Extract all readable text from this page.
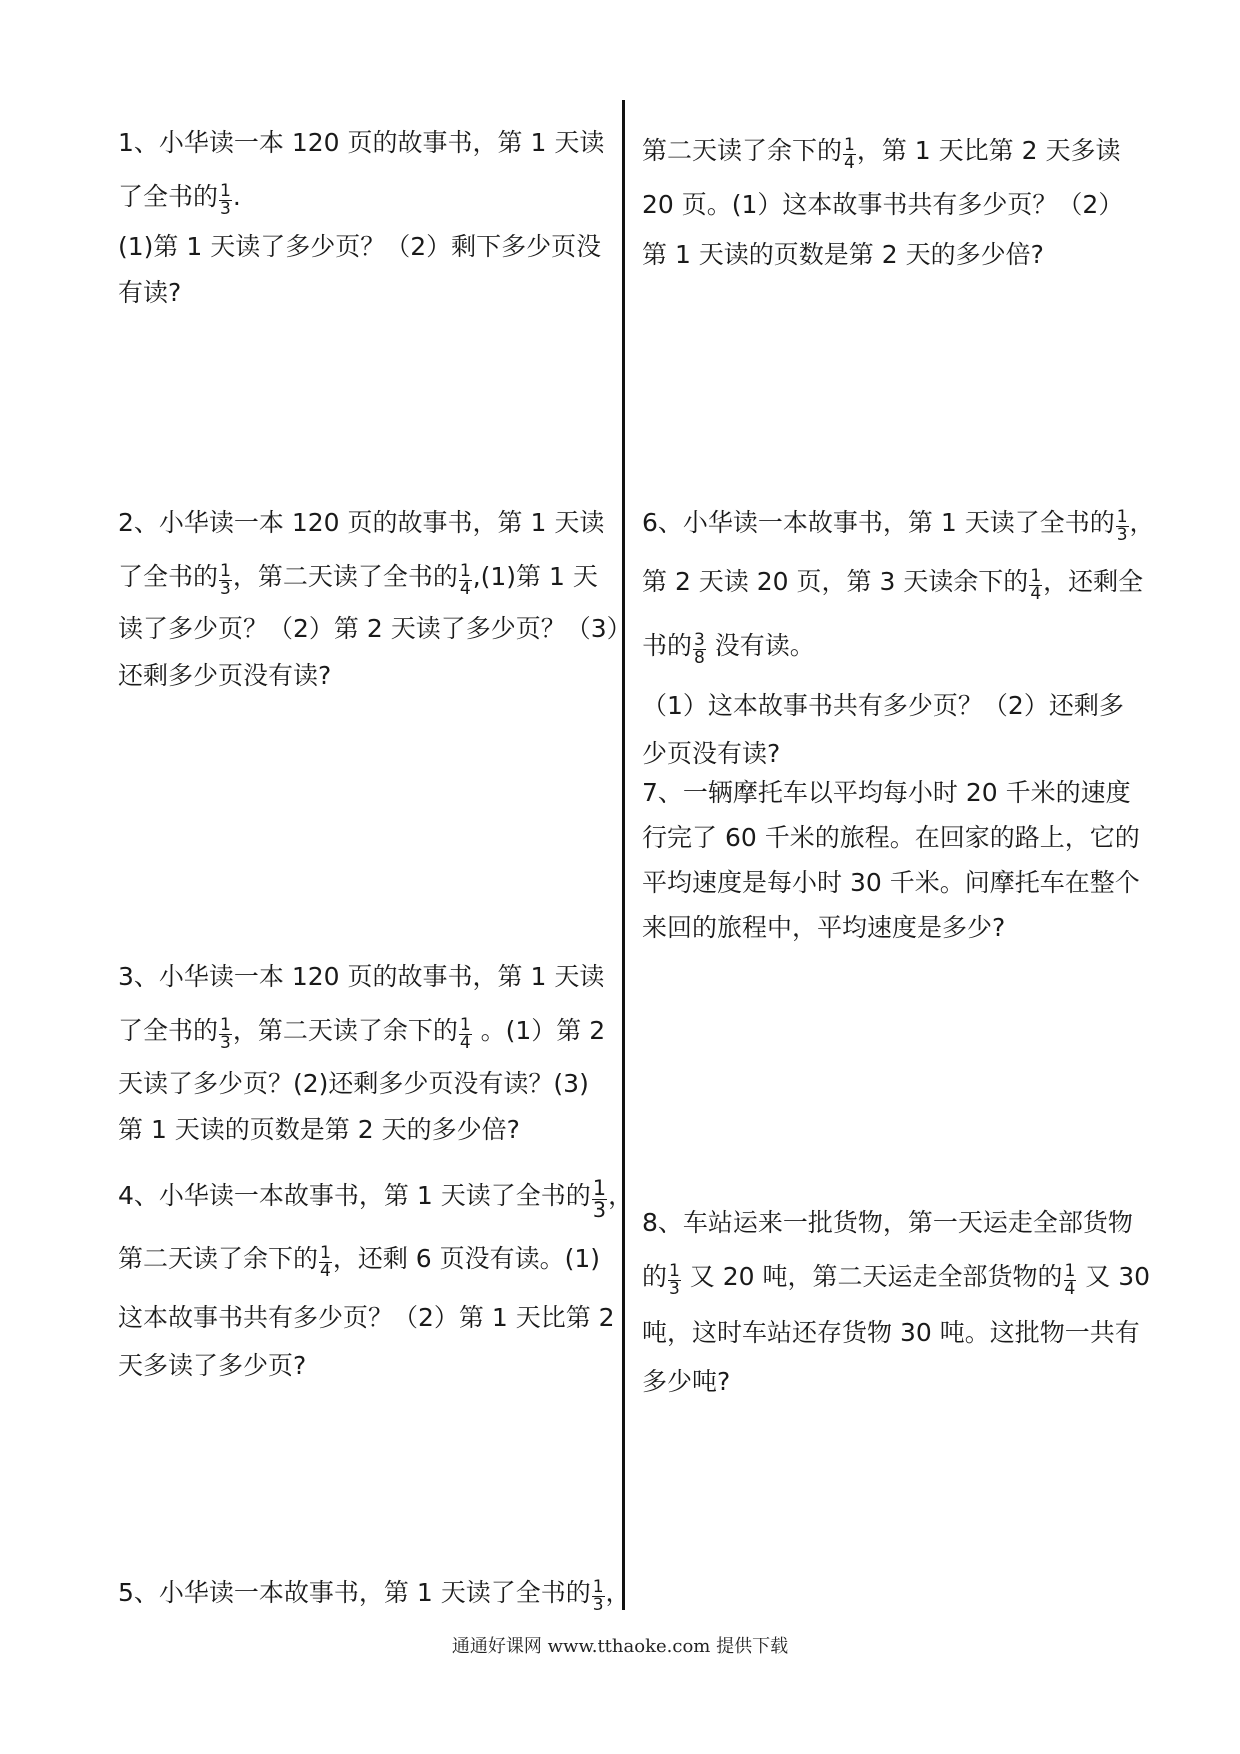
1、小华读一本 120 页的故事书，第 1 天读
了全书的 $\frac{1}{3}$ .
(1)第 1 天读了多少页？（2）剩下多少页没
有读?
第二天读了余下的 $\frac{1}{4}$ ，第 1 天比第 2 天多读
20 页。(1）这本故事书共有多少页？（2）
第 1 天读的页数是第 2 天的多少倍?
2、小华读一本 120 页的故事书，第 1 天读
了全书的 $\frac{1}{3}$ ，第二天读了全书的 $\frac{1}{4} ,(1)$第 1 天
读了多少页？（2）第 2 天读了多少页？（3）
还剩多少页没有读?
6、小华读一本故事书，第 1 天读了全书的 $\frac{1}{3}$ ，
第 2 天读 20 页，第 3 天读余下的 $\frac{1}{4}$ ，还剩全
书的 $\frac{3}{8}$ 没有读。
（1）这本故事书共有多少页？（2）还剩多
少页没有读?
7、一辆摩托车以平均每小时 20 千米的速度
行完了 60 千米的旅程。在回家的路上，它的
平均速度是每小时 30 千米。问摩托车在整个
来回的旅程中，平均速度是多少?
3、小华读一本 120 页的故事书，第 1 天读
了全书的 $\frac{1}{3}$ ，第二天读了余下的 $\frac{1}{4}$ 。(1）第 2
天读了多少页？(2)还剩多少页没有读？(3)
第 1 天读的页数是第 2 天的多少倍?
4、小华读一本故事书，第 1 天读了全书的 $\frac{1}{3}$ ，
第二天读了余下的 $\frac{1}{4}$ ，还剩 6 页没有读。(1)
这本故事书共有多少页？（2）第 1 天比第 2
天多读了多少页?
8、车站运来一批货物，第一天运走全部货物
的 $\frac{1}{3}$ 又 20 吨，第二天运走全部货物的 $\frac{1}{4}$ 又 30
吨，这时车站还存货物 30 吨。这批物一共有
多少吨?
5、小华读一本故事书，第 1 天读了全书的 $\frac{1}{3}$ ，
通通好课网 www.tthaoke.com 提供下载
